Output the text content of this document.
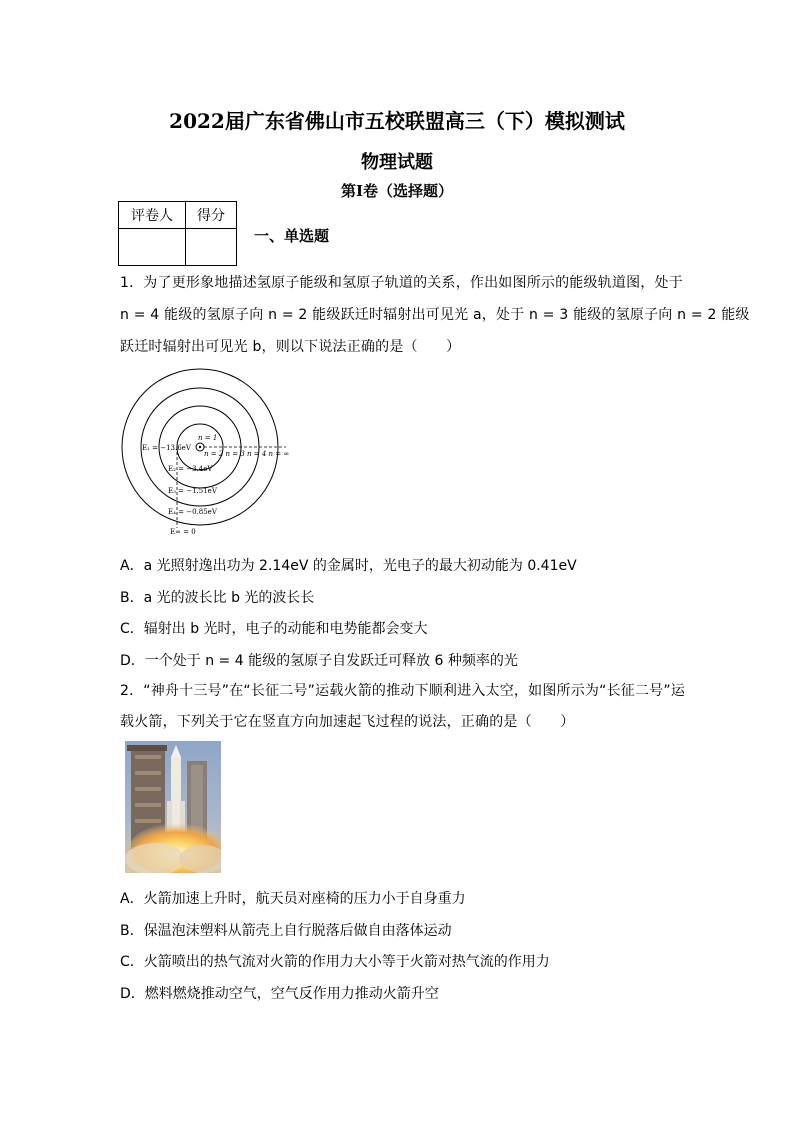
2022届广东省佛山市五校联盟高三（下）模拟测试
物理试题
第I卷（选择题）
评卷人	得分

一、单选题
1．为了更形象地描述氢原子能级和氢原子轨道的关系，作出如图所示的能级轨道图，处于
n = 4 能级的氢原子向 n = 2 能级跃迁时辐射出可见光 a，处于 n = 3 能级的氢原子向 n = 2 能级
跃迁时辐射出可见光 b，则以下说法正确的是（　　）
n = 1
n = 2 n = 3 n = 4 n = ∞
E₁ = −13.6eV
E₂ = −3.4eV
E₃ = −1.51eV
E₄ = −0.85eV
E∞ = 0
A．a 光照射逸出功为 2.14eV 的金属时，光电子的最大初动能为 0.41eV
B．a 光的波长比 b 光的波长长
C．辐射出 b 光时，电子的动能和电势能都会变大
D．一个处于 n = 4 能级的氢原子自发跃迁可释放 6 种频率的光
2．“神舟十三号”在“长征二号”运载火箭的推动下顺利进入太空，如图所示为“长征二号”运
载火箭，下列关于它在竖直方向加速起飞过程的说法，正确的是（　　）
A．火箭加速上升时，航天员对座椅的压力小于自身重力
B．保温泡沫塑料从箭壳上自行脱落后做自由落体运动
C．火箭喷出的热气流对火箭的作用力大小等于火箭对热气流的作用力
D．燃料燃烧推动空气，空气反作用力推动火箭升空
